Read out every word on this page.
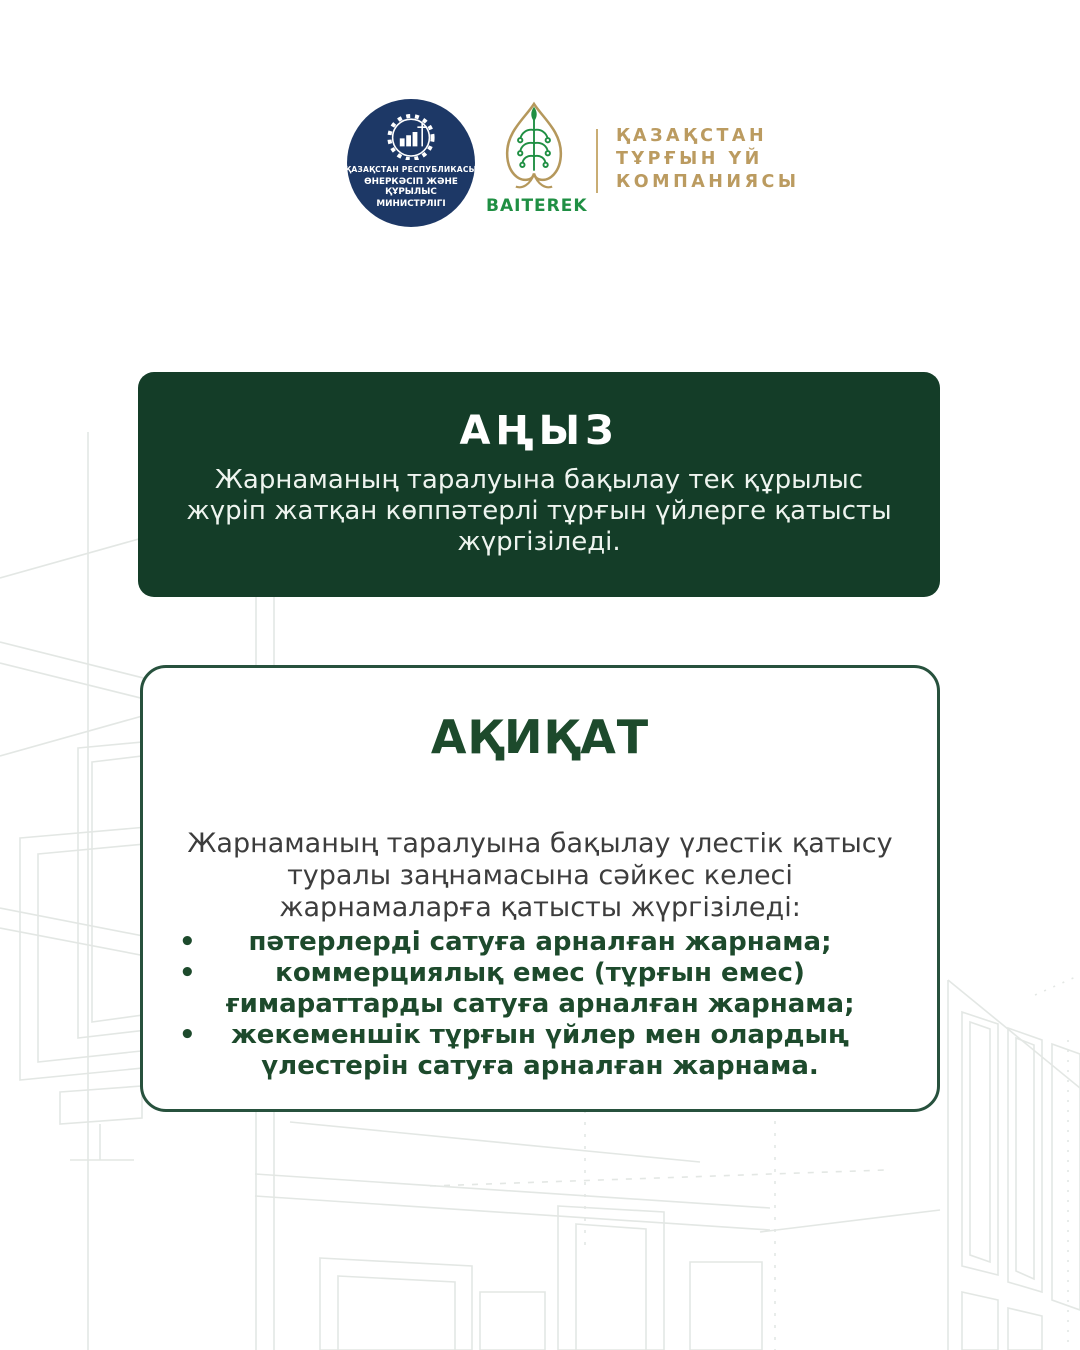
ҚАЗАҚСТАН РЕСПУБЛИКАСЫ
ӨНЕРКӘСІП ЖӘНЕ ҚҰРЫЛЫС
МИНИСТРЛІГІ	BAITEREK
ҚАЗАҚСТАН
ТҰРҒЫН ҮЙ
КОМПАНИЯСЫ
АҢЫЗ
Жарнаманың таралуына бақылау тек құрылыс
жүріп жатқан көппәтерлі тұрғын үйлерге қатысты
жүргізіледі.
АҚИҚАТ
Жарнаманың таралуына бақылау үлестік қатысу
туралы заңнамасына сәйкес келесі
жарнамаларға қатысты жүргізіледі:
•	пәтерлерді сатуға арналған жарнама;
•	коммерциялық емес (тұрғын емес)
ғимараттарды сатуға арналған жарнама;
•	жекеменшік тұрғын үйлер мен олардың
үлестерін сатуға арналған жарнама.
